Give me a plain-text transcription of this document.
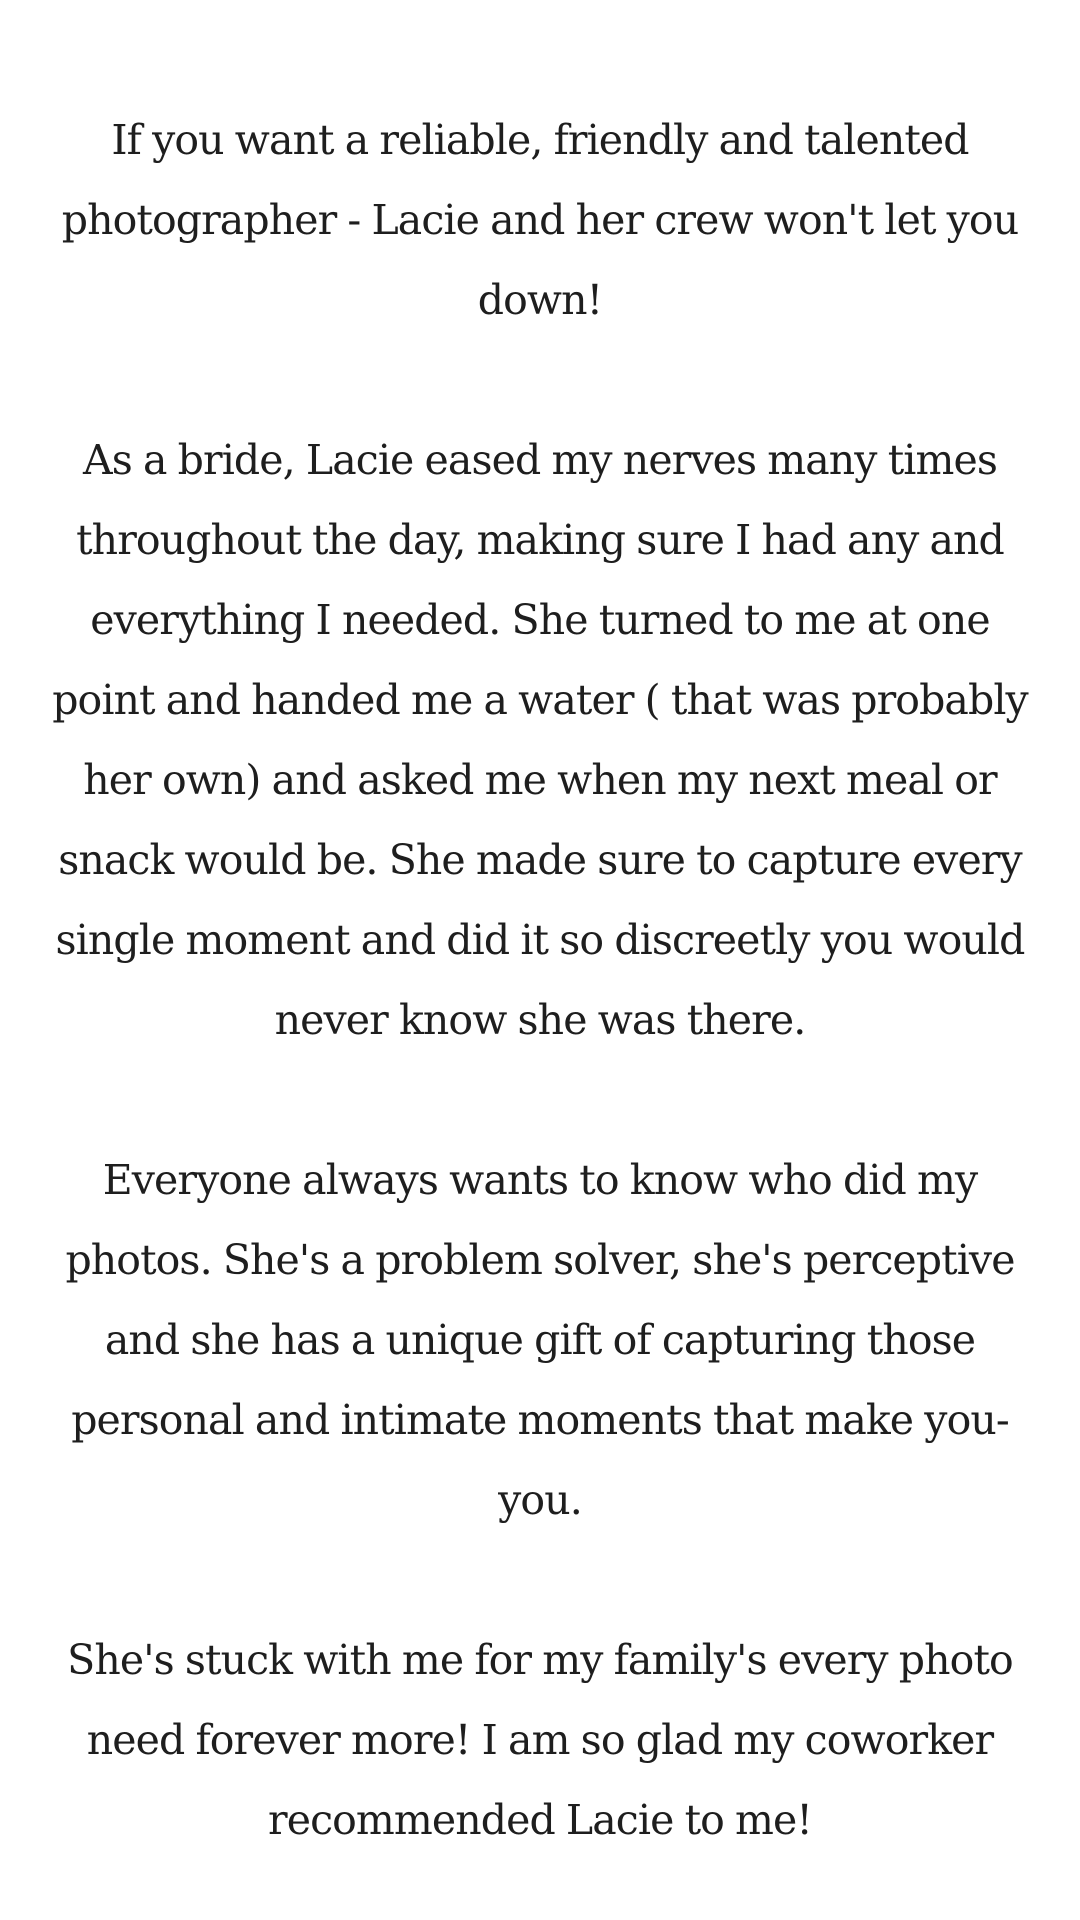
If you want a reliable, friendly and talented photographer - Lacie and her crew won't let you down!

As a bride, Lacie eased my nerves many times throughout the day, making sure I had any and everything I needed. She turned to me at one point and handed me a water ( that was probably her own) and asked me when my next meal or snack would be. She made sure to capture every single moment and did it so discreetly you would never know she was there.

Everyone always wants to know who did my photos. She's a problem solver, she's perceptive and she has a unique gift of capturing those personal and intimate moments that make you- you.

She's stuck with me for my family's every photo need forever more! I am so glad my coworker recommended Lacie to me!
